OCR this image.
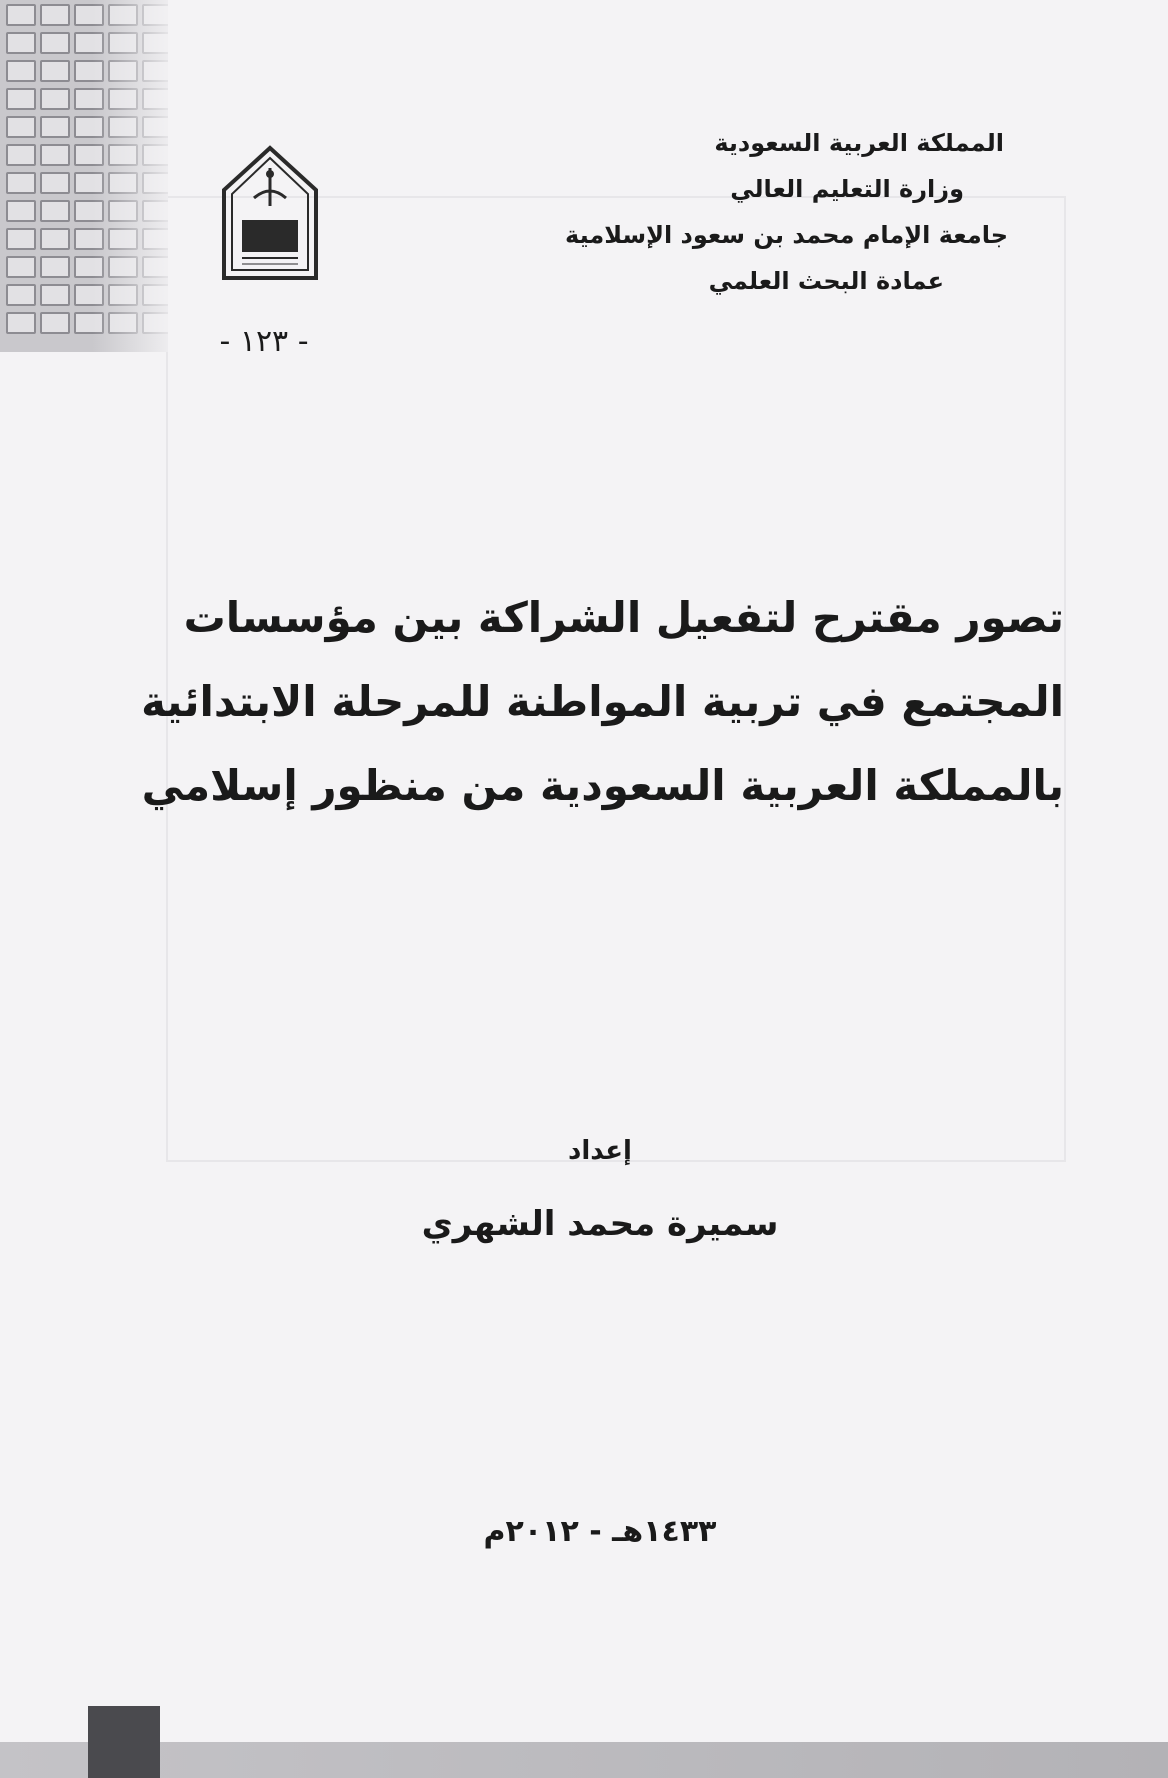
المملكة العربية السعودية
وزارة التعليم العالي
جامعة الإمام محمد بن سعود الإسلامية
عمادة البحث العلمي
- ١٢٣ -
تصور مقترح لتفعيل الشراكة بين مؤسسات
المجتمع في تربية المواطنة للمرحلة الابتدائية
بالمملكة العربية السعودية من منظور إسلامي
إعداد
سميرة محمد الشهري
١٤٣٣هـ - ٢٠١٢م
